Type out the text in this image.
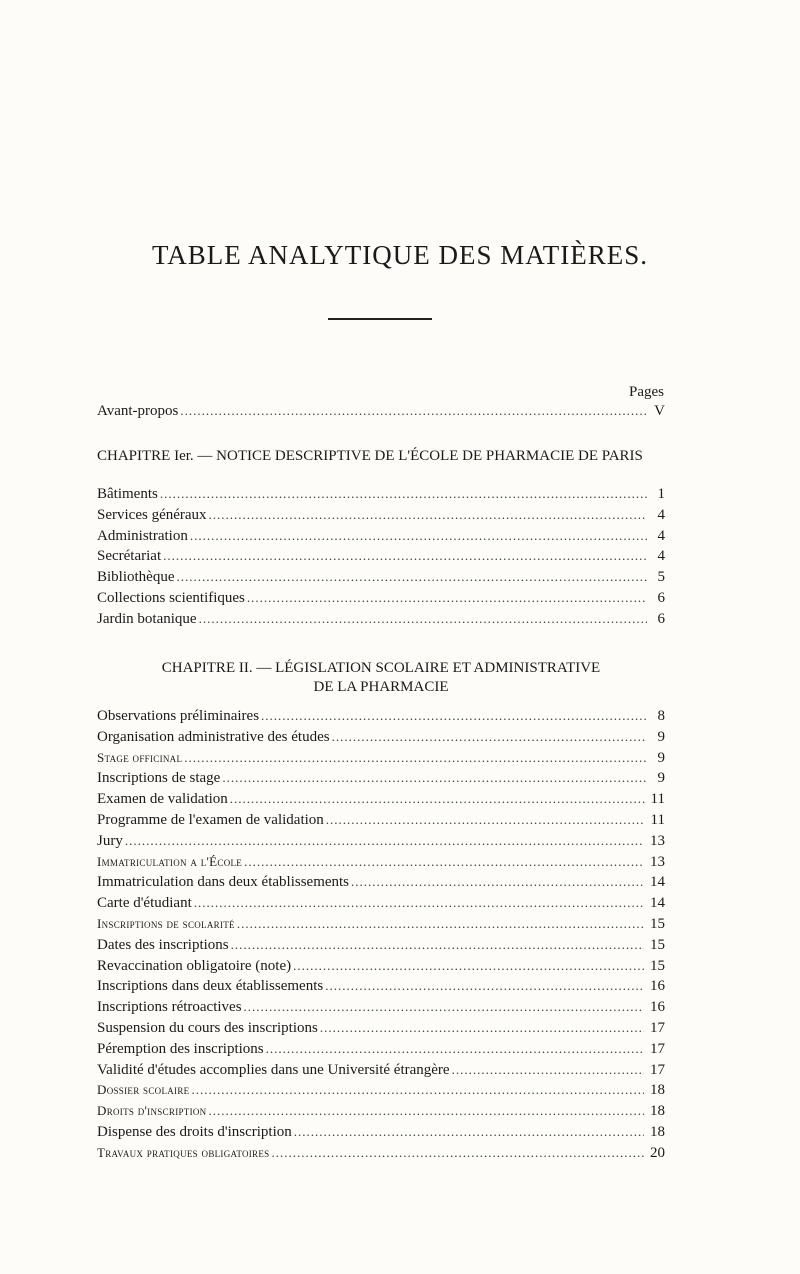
TABLE ANALYTIQUE DES MATIÈRES.
Pages
Avant-propos .....	V
CHAPITRE Ier. — NOTICE DESCRIPTIVE DE L'ÉCOLE DE PHARMACIE DE PARIS
Bâtiments .....	1
Services généraux .....	4
Administration .....	4
Secrétariat .....	4
Bibliothèque .....	5
Collections scientifiques .....	6
Jardin botanique .....	6
CHAPITRE II. — LÉGISLATION SCOLAIRE ET ADMINISTRATIVE
DE LA PHARMACIE
Observations préliminaires .....	8
Organisation administrative des études .....	9
Stage officinal .....	9
Inscriptions de stage .....	9
Examen de validation .....	11
Programme de l'examen de validation .....	11
Jury .....	13
Immatriculation a l'École .....	13
Immatriculation dans deux établissements .....	14
Carte d'étudiant .....	14
Inscriptions de scolarité .....	15
Dates des inscriptions .....	15
Revaccination obligatoire (note) .....	15
Inscriptions dans deux établissements .....	16
Inscriptions rétroactives .....	16
Suspension du cours des inscriptions .....	17
Péremption des inscriptions .....	17
Validité d'études accomplies dans une Université étrangère .....	17
Dossier scolaire .....	18
Droits d'inscription .....	18
Dispense des droits d'inscription .....	18
Travaux pratiques obligatoires .....	20
